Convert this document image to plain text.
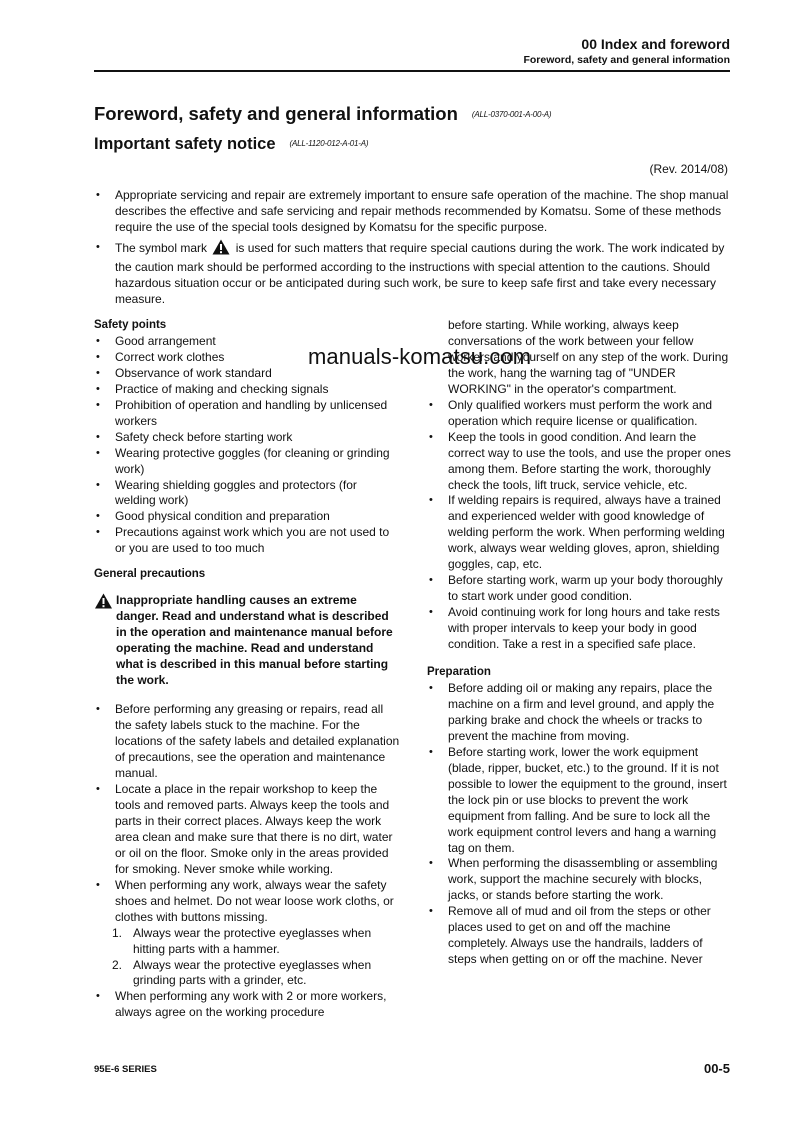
00 Index and foreword
Foreword, safety and general information
Foreword, safety and general information (ALL-0370-001-A-00-A)
Important safety notice (ALL-1120-012-A-01-A)
(Rev. 2014/08)
• Appropriate servicing and repair are extremely important to ensure safe operation of the machine. The shop manual describes the effective and safe servicing and repair methods recommended by Komatsu. Some of these methods require the use of the special tools designed by Komatsu for the specific purpose.
• The symbol mark is used for such matters that require special cautions during the work. The work indicated by the caution mark should be performed according to the instructions with special attention to the cautions. Should hazardous situation occur or be anticipated during such work, be sure to keep safe first and take every necessary measure.
manuals-komatsu.com
Safety points
• Good arrangement
• Correct work clothes
• Observance of work standard
• Practice of making and checking signals
• Prohibition of operation and handling by unlicensed workers
• Safety check before starting work
• Wearing protective goggles (for cleaning or grinding work)
• Wearing shielding goggles and protectors (for welding work)
• Good physical condition and preparation
• Precautions against work which you are not used to or you are used to too much
General precautions
Inappropriate handling causes an extreme danger. Read and understand what is described in the operation and maintenance manual before operating the machine. Read and understand what is described in this manual before starting the work.
• Before performing any greasing or repairs, read all the safety labels stuck to the machine. For the locations of the safety labels and detailed explanation of precautions, see the operation and maintenance manual.
• Locate a place in the repair workshop to keep the tools and removed parts. Always keep the tools and parts in their correct places. Always keep the work area clean and make sure that there is no dirt, water or oil on the floor. Smoke only in the areas provided for smoking. Never smoke while working.
• When performing any work, always wear the safety shoes and helmet. Do not wear loose work cloths, or clothes with buttons missing.
1. Always wear the protective eyeglasses when hitting parts with a hammer.
2. Always wear the protective eyeglasses when grinding parts with a grinder, etc.
• When performing any work with 2 or more workers, always agree on the working procedure
before starting. While working, always keep conversations of the work between your fellow workers and yourself on any step of the work. During the work, hang the warning tag of "UNDER WORKING" in the operator's compartment.
• Only qualified workers must perform the work and operation which require license or qualification.
• Keep the tools in good condition. And learn the correct way to use the tools, and use the proper ones among them. Before starting the work, thoroughly check the tools, lift truck, service vehicle, etc.
• If welding repairs is required, always have a trained and experienced welder with good knowledge of welding perform the work. When performing welding work, always wear welding gloves, apron, shielding goggles, cap, etc.
• Before starting work, warm up your body thoroughly to start work under good condition.
• Avoid continuing work for long hours and take rests with proper intervals to keep your body in good condition. Take a rest in a specified safe place.
Preparation
• Before adding oil or making any repairs, place the machine on a firm and level ground, and apply the parking brake and chock the wheels or tracks to prevent the machine from moving.
• Before starting work, lower the work equipment (blade, ripper, bucket, etc.) to the ground. If it is not possible to lower the equipment to the ground, insert the lock pin or use blocks to prevent the work equipment from falling. And be sure to lock all the work equipment control levers and hang a warning tag on them.
• When performing the disassembling or assembling work, support the machine securely with blocks, jacks, or stands before starting the work.
• Remove all of mud and oil from the steps or other places used to get on and off the machine completely. Always use the handrails, ladders of steps when getting on or off the machine. Never
95E-6 SERIES	00-5
